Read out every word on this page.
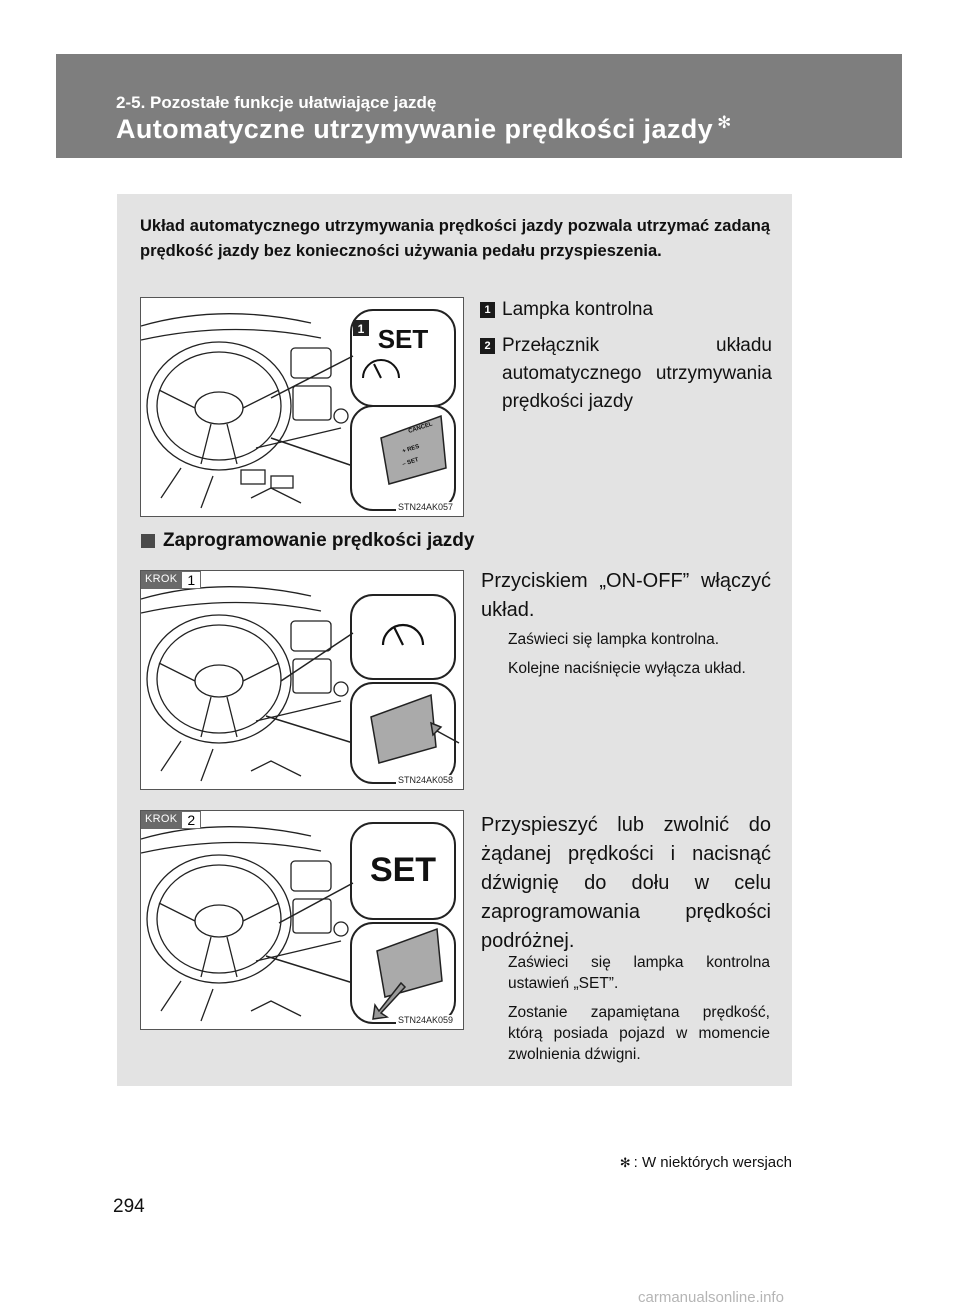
2-5. Pozostałe funkcje ułatwiające jazdę
Automatyczne utrzymywanie prędkości jazdy ✻
Układ automatycznego utrzymywania prędkości jazdy pozwala utrzymać zadaną prędkość jazdy bez konieczności używania pedału przyspieszenia.
1 SET
CANCEL
+ RES
– SET
STN24AK057
1 Lampka kontrolna
2 Przełącznik układu automatycznego utrzymywania prędkości jazdy
Zaprogramowanie prędkości jazdy
KROK 1
STN24AK058
Przyciskiem „ON-OFF” włączyć układ.

Zaświeci się lampka kontrolna.

Kolejne naciśnięcie wyłącza układ.

SET
KROK 2
STN24AK059
Przyspieszyć lub zwolnić do żądanej prędkości i nacisnąć dźwignię do dołu w celu zaprogramowania prędkości podróżnej.

Zaświeci się lampka kontrolna ustawień „SET”.

Zostanie zapamiętana prędkość, którą posiada pojazd w momencie zwolnienia dźwigni.

✻ : W niektórych wersjach
294
carmanualsonline.info
